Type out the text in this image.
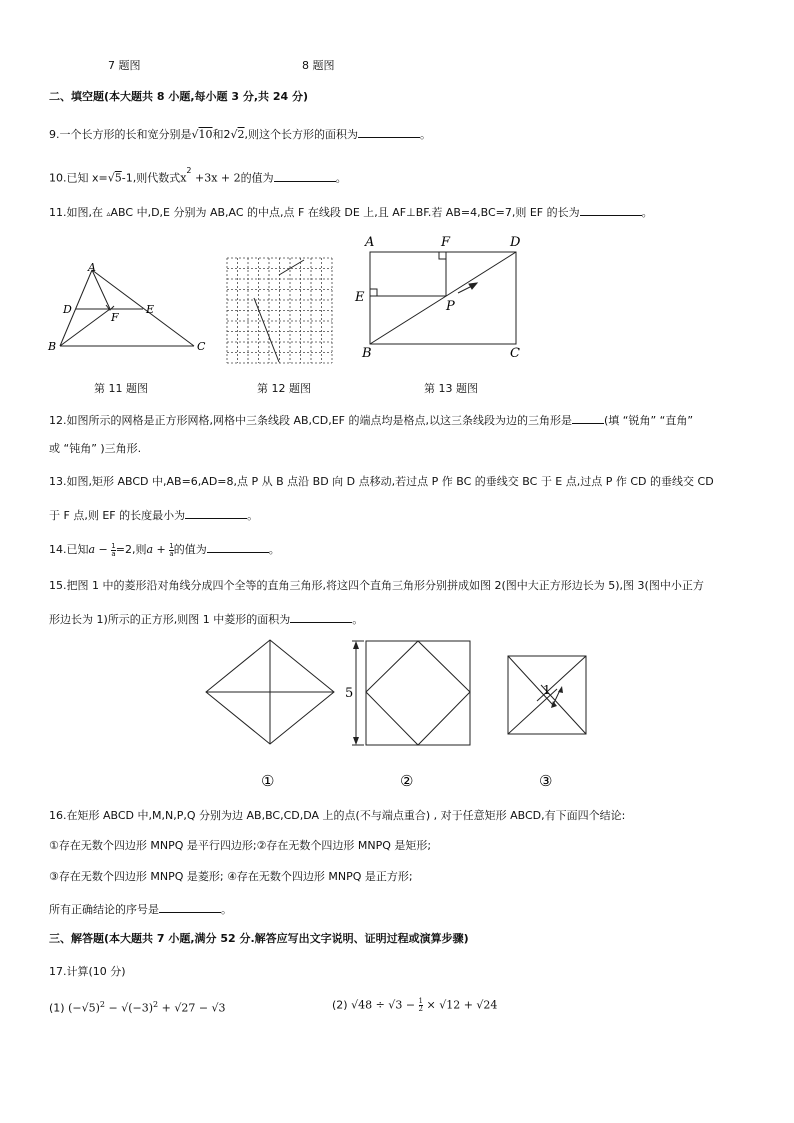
7 题图	8 题图
二、填空题(本大题共 8 小题,每小题 3 分,共 24 分)
9.一个长方形的长和宽分别是√10和2√2,则这个长方形的面积为	。
10.已知 x=√5-1,则代数式$x^2 +3x + 2$的值为	。
11.如图,在 ▵ABC 中,D,E 分别为 AB,AC 的中点,点 F 在线段 DE 上,且 AF⊥BF.若 AB=4,BC=7,则 EF 的长为	。
A
B	C
D	E
F
A	F	D
E
P
B	C
第 11 题图	第 12 题图	第 13 题图
12.如图所示的网格是正方形网格,网格中三条线段 AB,CD,EF 的端点均是格点,以这三条线段为边的三角形是	(填 “锐角” “直角”
或 “钝角” )三角形.
13.如图,矩形 ABCD 中,AB=6,AD=8,点 P 从 B 点沿 BD 向 D 点移动,若过点 P 作 BC 的垂线交 BC 于 E 点,过点 P 作 CD 的垂线交 CD
于 F 点,则 EF 的长度最小为	。
14.已知$a - \frac{1}{a} =2$,则$a + \frac{1}{a}$ 的值为	。
15.把图 1 中的菱形沿对角线分成四个全等的直角三角形,将这四个直角三角形分别拼成如图 2(图中大正方形边长为 5),图 3(图中小正方
形边长为 1)所示的正方形,则图 1 中菱形的面积为	。
5	1
①	②	③
16.在矩形 ABCD 中,M,N,P,Q 分别为边 AB,BC,CD,DA 上的点(不与端点重合) , 对于任意矩形 ABCD,有下面四个结论:
①存在无数个四边形 MNPQ 是平行四边形;②存在无数个四边形 MNPQ 是矩形;
③存在无数个四边形 MNPQ 是菱形; ④存在无数个四边形 MNPQ 是正方形;
所有正确结论的序号是	。
三、解答题(本大题共 7 小题,满分 52 分.解答应写出文字说明、证明过程或演算步骤)
17.计算(10 分)
(1) $(-√5)^2 - √(-3)^2 + √27 - √3$	(2) $√48 \div √3 - \frac{1}{2} \times √12 + √24$
